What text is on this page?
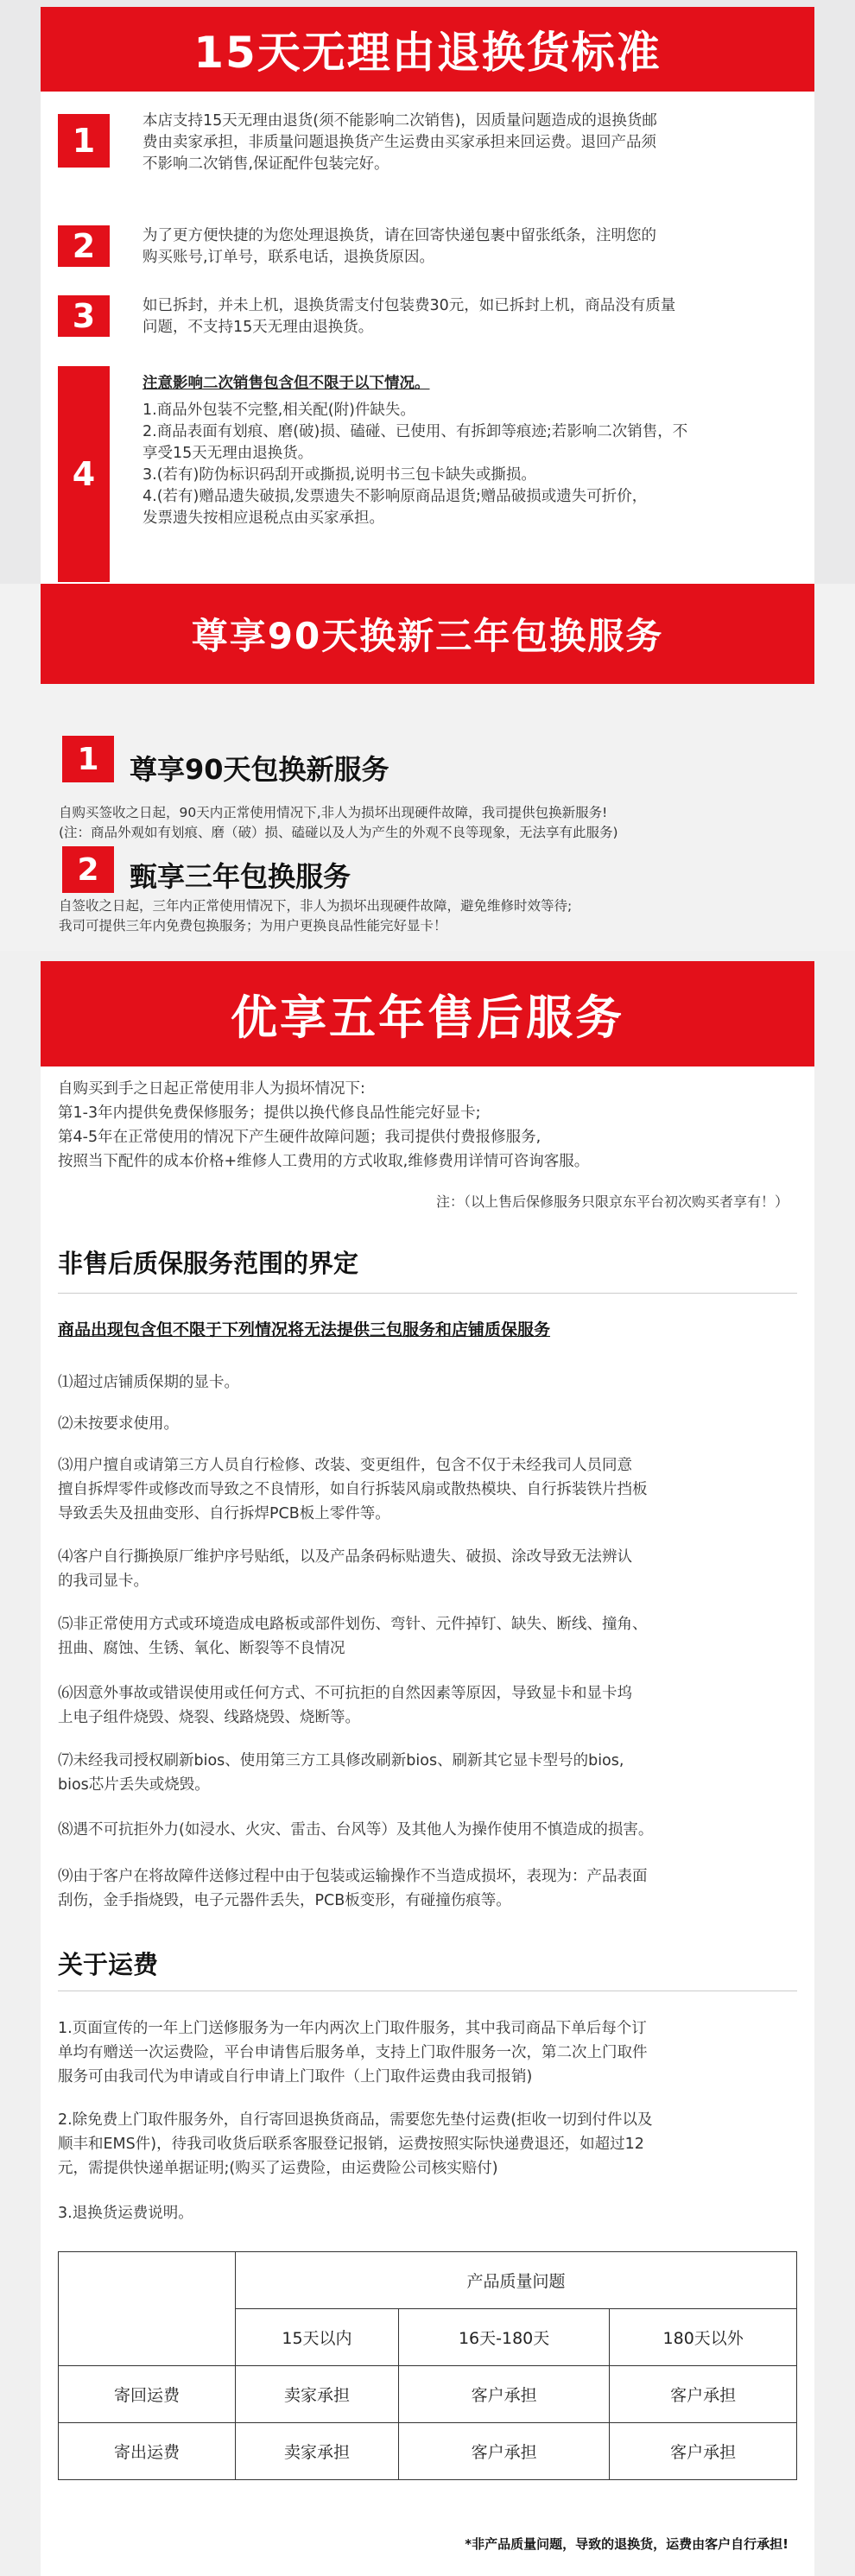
15天无理由退换货标准
1
本店支持15天无理由退货(须不能影响二次销售)，因质量问题造成的退换货邮
费由卖家承担，非质量问题退换货产生运费由买家承担来回运费。退回产品须
不影响二次销售,保证配件包装完好。
2	为了更方便快捷的为您处理退换货，请在回寄快递包裹中留张纸条，注明您的
购买账号,订单号，联系电话，退换货原因。
3	如已拆封，并未上机，退换货需支付包装费30元，如已拆封上机，商品没有质量
问题，不支持15天无理由退换货。
4
注意影响二次销售包含但不限于以下情况。
1.商品外包装不完整,相关配(附)件缺失。
2.商品表面有划痕、磨(破)损、磕碰、已使用、有拆卸等痕迹;若影响二次销售，不
享受15天无理由退换货。
3.(若有)防伪标识码刮开或撕损,说明书三包卡缺失或撕损。
4.(若有)赠品遗失破损,发票遗失不影响原商品退货;赠品破损或遗失可折价，
发票遗失按相应退税点由买家承担。
尊享90天换新三年包换服务
1	尊享90天包换新服务
自购买签收之日起，90天内正常使用情况下,非人为损坏出现硬件故障，我司提供包换新服务!
(注：商品外观如有划痕、磨（破）损、磕碰以及人为产生的外观不良等现象，无法享有此服务)
2	甄享三年包换服务
自签收之日起，三年内正常使用情况下，非人为损坏出现硬件故障，避免维修时效等待;
我司可提供三年内免费包换服务；为用户更换良品性能完好显卡！
优享五年售后服务
自购买到手之日起正常使用非人为损坏情况下:
第1-3年内提供免费保修服务；提供以换代修良品性能完好显卡;
第4-5年在正常使用的情况下产生硬件故障问题；我司提供付费报修服务,
按照当下配件的成本价格+维修人工费用的方式收取,维修费用详情可咨询客服。
注：（以上售后保修服务只限京东平台初次购买者享有！）
非售后质保服务范围的界定
商品出现包含但不限于下列情况将无法提供三包服务和店铺质保服务
⑴超过店铺质保期的显卡。
⑵未按要求使用。
⑶用户擅自或请第三方人员自行检修、改装、变更组件，包含不仅于未经我司人员同意
擅自拆焊零件或修改而导致之不良情形，如自行拆装风扇或散热模块、自行拆装铁片挡板
导致丢失及扭曲变形、自行拆焊PCB板上零件等。
⑷客户自行撕换原厂维护序号贴纸，以及产品条码标贴遗失、破损、涂改导致无法辨认
的我司显卡。
⑸非正常使用方式或环境造成电路板或部件划伤、弯针、元件掉钉、缺失、断线、撞角、
扭曲、腐蚀、生锈、氧化、断裂等不良情况
⑹因意外事故或错误使用或任何方式、不可抗拒的自然因素等原因，导致显卡和显卡坞
上电子组件烧毁、烧裂、线路烧毁、烧断等。
⑺未经我司授权刷新bios、使用第三方工具修改刷新bios、刷新其它显卡型号的bios,
bios芯片丢失或烧毁。
⑻遇不可抗拒外力(如浸水、火灾、雷击、台风等）及其他人为操作使用不慎造成的损害。
⑼由于客户在将故障件送修过程中由于包装或运输操作不当造成损坏，表现为：产品表面
刮伤，金手指烧毁，电子元器件丢失，PCB板变形，有碰撞伤痕等。
关于运费
1.页面宣传的一年上门送修服务为一年内两次上门取件服务，其中我司商品下单后每个订
单均有赠送一次运费险，平台申请售后服务单，支持上门取件服务一次，第二次上门取件
服务可由我司代为申请或自行申请上门取件（上门取件运费由我司报销)
2.除免费上门取件服务外，自行寄回退换货商品，需要您先垫付运费(拒收一切到付件以及
顺丰和EMS件)，待我司收货后联系客服登记报销，运费按照实际快递费退还，如超过12
元，需提供快递单据证明;(购买了运费险，由运费险公司核实赔付)
3.退换货运费说明。
	产品质量问题		
	15天以内	16天-180天	180天以外
寄回运费	卖家承担	客户承担	客户承担
寄出运费	卖家承担	客户承担	客户承担
*非产品质量问题，导致的退换货，运费由客户自行承担!
